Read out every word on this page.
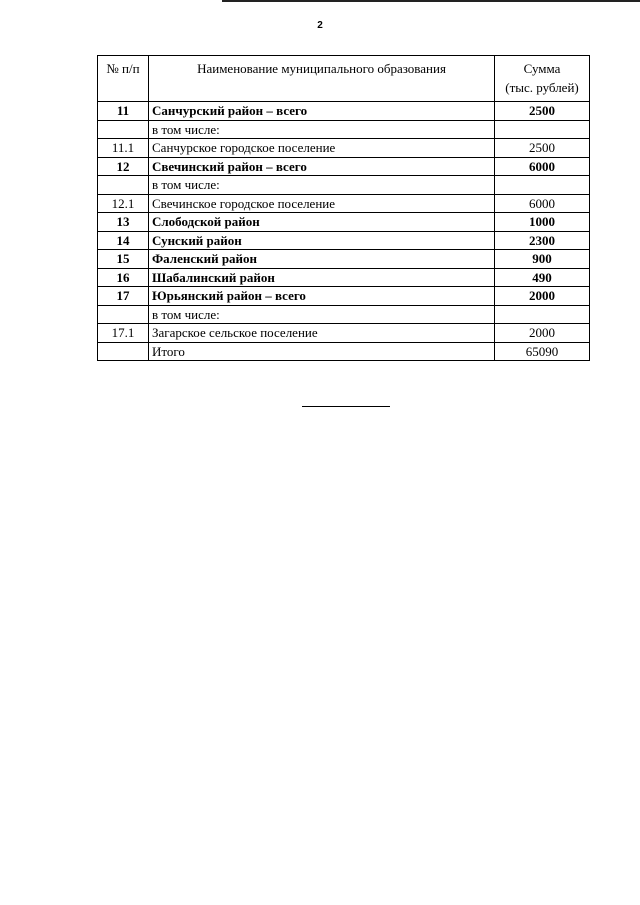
2
№ п/п	Наименование муниципального образования	Сумма
(тыс. рублей)
11	Санчурский район – всего	2500
	в том числе:	
11.1	Санчурское городское поселение	2500
12	Свечинский район – всего	6000
	в том числе:	
12.1	Свечинское городское поселение	6000
13	Слободской район	1000
14	Сунский район	2300
15	Фаленский район	900
16	Шабалинский район	490
17	Юрьянский район – всего	2000
	в том числе:	
17.1	Загарское сельское поселение	2000
	Итого	65090
